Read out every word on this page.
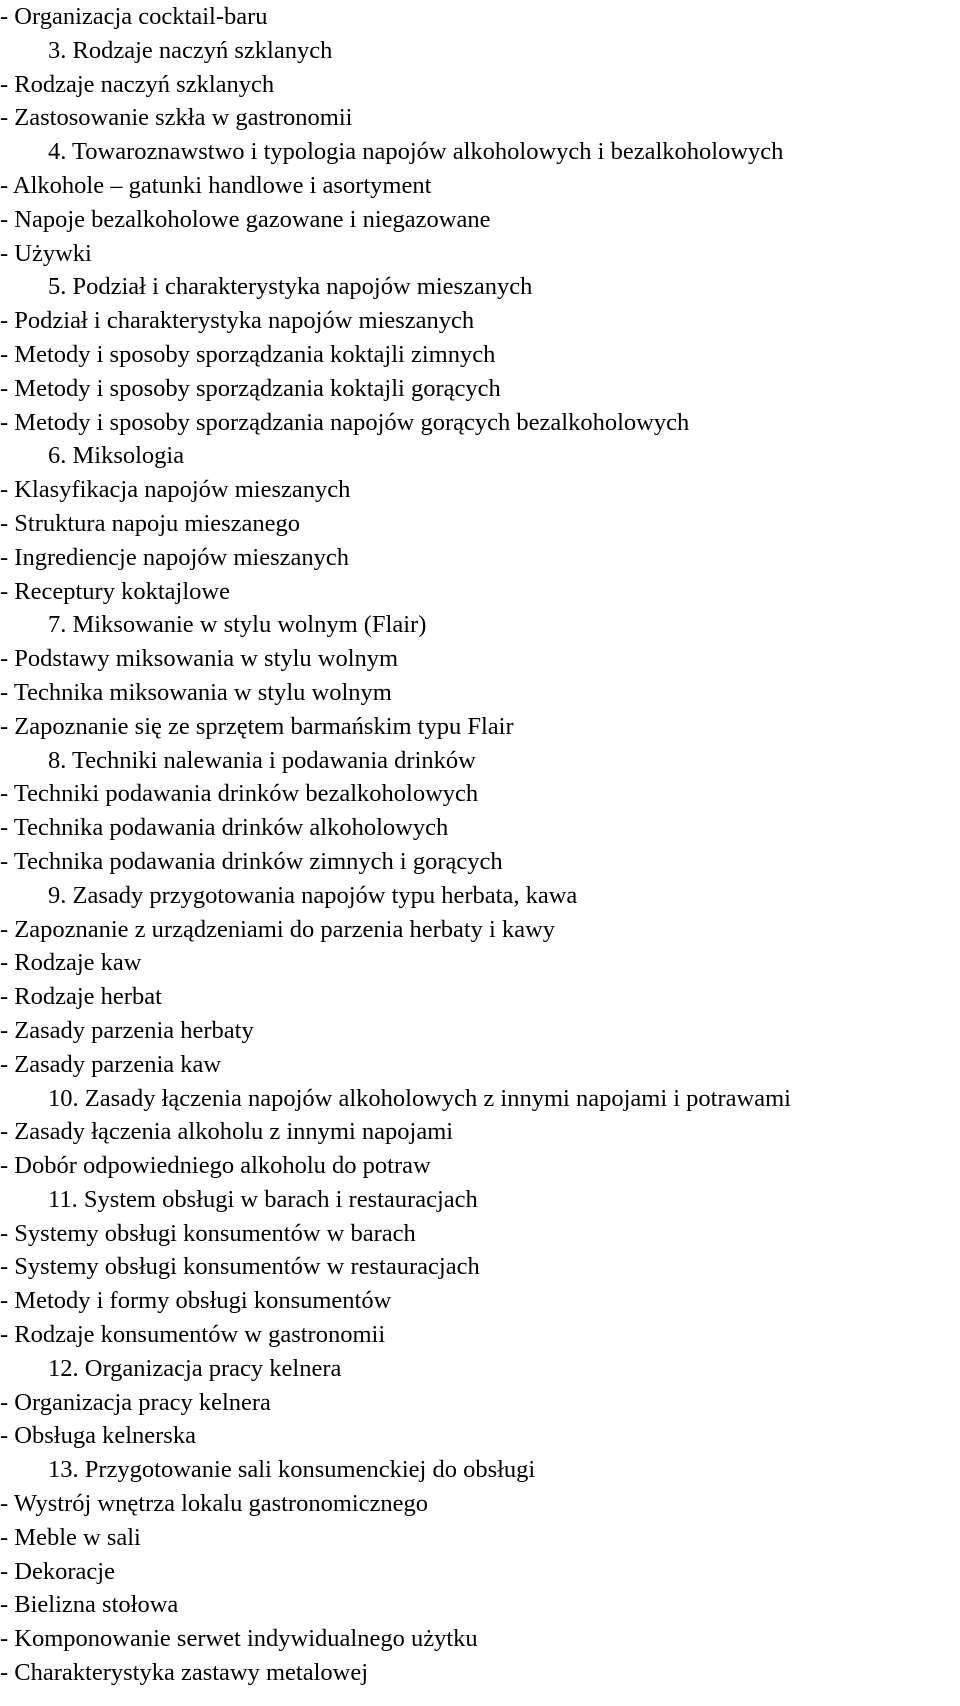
- Organizacja cocktail-baru
3. Rodzaje naczyń szklanych
- Rodzaje naczyń szklanych
- Zastosowanie szkła w gastronomii
4. Towaroznawstwo i typologia napojów alkoholowych i bezalkoholowych
- Alkohole – gatunki handlowe i asortyment
- Napoje bezalkoholowe gazowane i niegazowane
- Używki
5. Podział i charakterystyka napojów mieszanych
- Podział i charakterystyka napojów mieszanych
- Metody i sposoby sporządzania koktajli zimnych
- Metody i sposoby sporządzania koktajli gorących
- Metody i sposoby sporządzania napojów gorących bezalkoholowych
6. Miksologia
- Klasyfikacja napojów mieszanych
- Struktura napoju mieszanego
- Ingrediencje napojów mieszanych
- Receptury koktajlowe
7. Miksowanie w stylu wolnym (Flair)
- Podstawy miksowania w stylu wolnym
- Technika miksowania w stylu wolnym
- Zapoznanie się ze sprzętem barmańskim typu Flair
8. Techniki nalewania i podawania drinków
- Techniki podawania drinków bezalkoholowych
- Technika podawania drinków alkoholowych
- Technika podawania drinków zimnych i gorących
9. Zasady przygotowania napojów typu herbata, kawa
- Zapoznanie z urządzeniami do parzenia herbaty i kawy
- Rodzaje kaw
- Rodzaje herbat
- Zasady parzenia herbaty
- Zasady parzenia kaw
10. Zasady łączenia napojów alkoholowych z innymi napojami i potrawami
- Zasady łączenia alkoholu z innymi napojami
- Dobór odpowiedniego alkoholu do potraw
11. System obsługi w barach i restauracjach
- Systemy obsługi konsumentów w barach
- Systemy obsługi konsumentów w restauracjach
- Metody i formy obsługi konsumentów
- Rodzaje konsumentów w gastronomii
12. Organizacja pracy kelnera
- Organizacja pracy kelnera
- Obsługa kelnerska
13. Przygotowanie sali konsumenckiej do obsługi
- Wystrój wnętrza lokalu gastronomicznego
- Meble w sali
- Dekoracje
- Bielizna stołowa
- Komponowanie serwet indywidualnego użytku
- Charakterystyka zastawy metalowej
